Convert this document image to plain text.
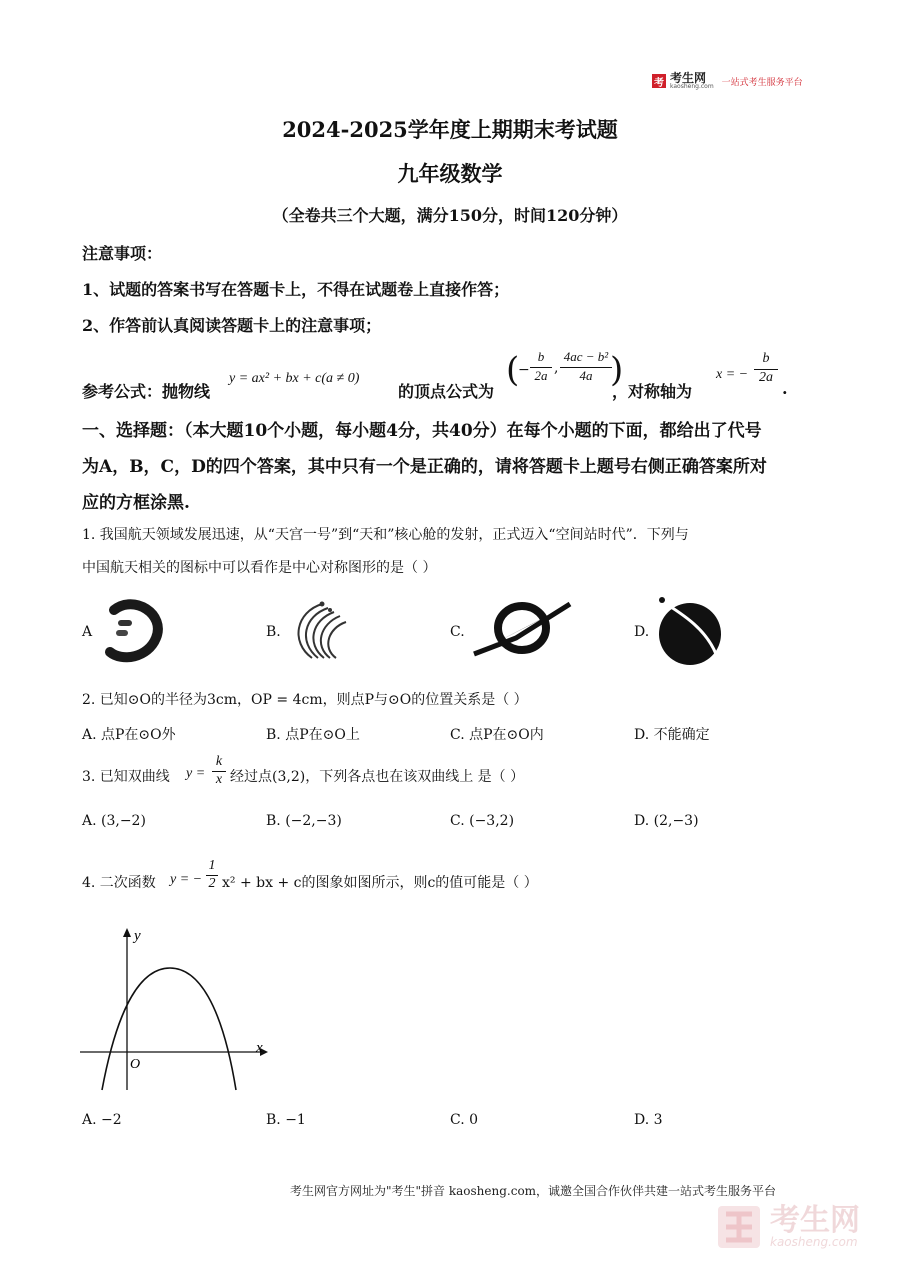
考 考生网
kaosheng.com 一站式考生服务平台
2024-2025学年度上期期末考试题
九年级数学
（全卷共三个大题，满分150分，时间120分钟）
注意事项：
1、试题的答案书写在答题卡上，不得在试题卷上直接作答；
2、作答前认真阅读答题卡上的注意事项；
参考公式：抛物线
y = ax² + bx + c(a ≠ 0)
的顶点公式为
(
−
b
2a ,
4ac − b²
4a )
，对称轴为
x = −
b
2a
.
一、选择题：（本大题10个小题，每小题4分，共40分）在每个小题的下面，都给出了代号
为A，B，C，D的四个答案，其中只有一个是正确的，请将答题卡上题号右侧正确答案所对
应的方框涂黑.
1. 我国航天领域发展迅速，从“天宫一号”到“天和”核心舱的发射，正式迈入“空间站时代”．下列与
中国航天相关的图标中可以看作是中心对称图形的是（ ）
A	B.	C.	D.
2. 已知⊙O的半径为3cm，OP = 4cm，则点P与⊙O的位置关系是（ ）
A. 点P在⊙O外	B. 点P在⊙O上	C. 点P在⊙O内	D. 不能确定
3. 已知双曲线 y =
k
x 经过点(3,2)，下列各点也在该双曲线上 是（ ）
A. (3,−2)	B. (−2,−3)	C. (−3,2)	D. (2,−3)
4. 二次函数 y = −
1
2 x² + bx + c的图象如图所示，则c的值可能是（ ）
y
x
O
A. −2	B. −1	C. 0	D. 3
考生网官方网址为"考生"拼音 kaosheng.com，诚邀全国合作伙伴共建一站式考生服务平台
考生网
kaosheng.com
